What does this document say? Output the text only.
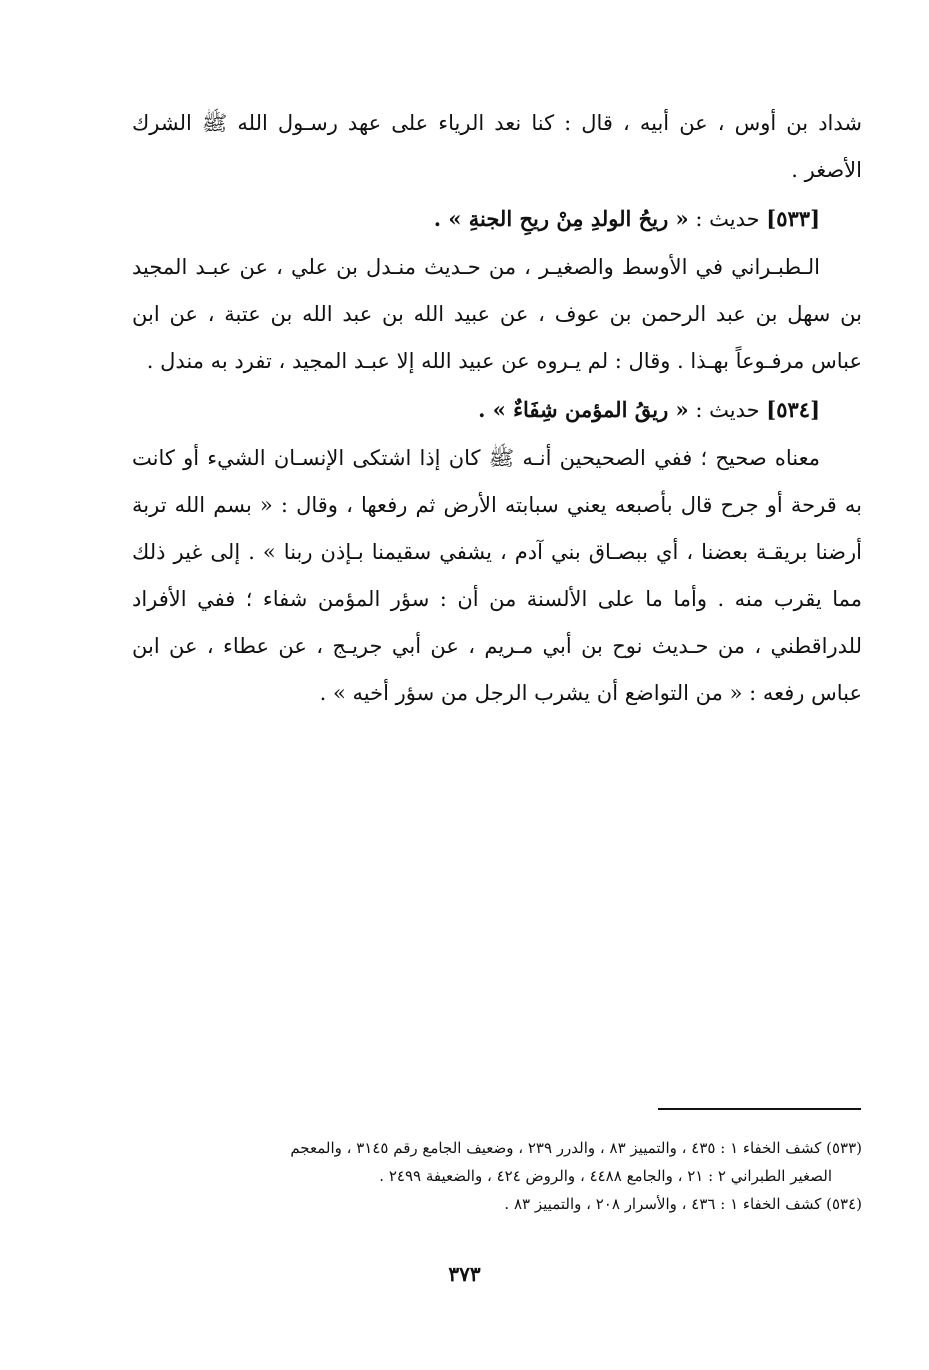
شداد بن أوس ، عن أبيه ، قال : كنا نعد الرياء على عهد رسـول الله ﷺ الشرك الأصغر .

[٥٣٣] حديث : « ريحُ الولدِ مِنْ ريحِ الجنةِ » .

الـطبـراني في الأوسط والصغيـر ، من حـديث منـدل بن علي ، عن عبـد المجيد بن سهل بن عبد الرحمن بن عوف ، عن عبيد الله بن عبد الله بن عتبة ، عن ابن عباس مرفـوعاً بهـذا . وقال : لم يـروه عن عبيد الله إلا عبـد المجيد ، تفرد به مندل .

[٥٣٤] حديث : « ريقُ المؤمن شِفَاءٌ » .

معناه صحيح ؛ ففي الصحيحين أنـه ﷺ كان إذا اشتكى الإنسـان الشيء أو كانت به قرحة أو جرح قال بأصبعه يعني سبابته الأرض ثم رفعها ، وقال : « بسم الله تربة أرضنا بريقـة بعضنا ، أي ببصـاق بني آدم ، يشفي سقيمنا بـإذن ربنا » . إلى غير ذلك مما يقرب منه . وأما ما على الألسنة من أن : سؤر المؤمن شفاء ؛ ففي الأفراد للدراقطني ، من حـديث نوح بن أبي مـريم ، عن أبي جريـج ، عن عطاء ، عن ابن عباس رفعه : « من التواضع أن يشرب الرجل من سؤر أخيه » .

(٥٣٣) كشف الخفاء ١ : ٤٣٥ ، والتمييز ٨٣ ، والدرر ٢٣٩ ، وضعيف الجامع رقم ٣١٤٥ ، والمعجم

الصغير الطبراني ٢ : ٢١ ، والجامع ٤٤٨٨ ، والروض ٤٢٤ ، والضعيفة ٢٤٩٩ .

(٥٣٤) كشف الخفاء ١ : ٤٣٦ ، والأسرار ٢٠٨ ، والتمييز ٨٣ .

٣٧٣
